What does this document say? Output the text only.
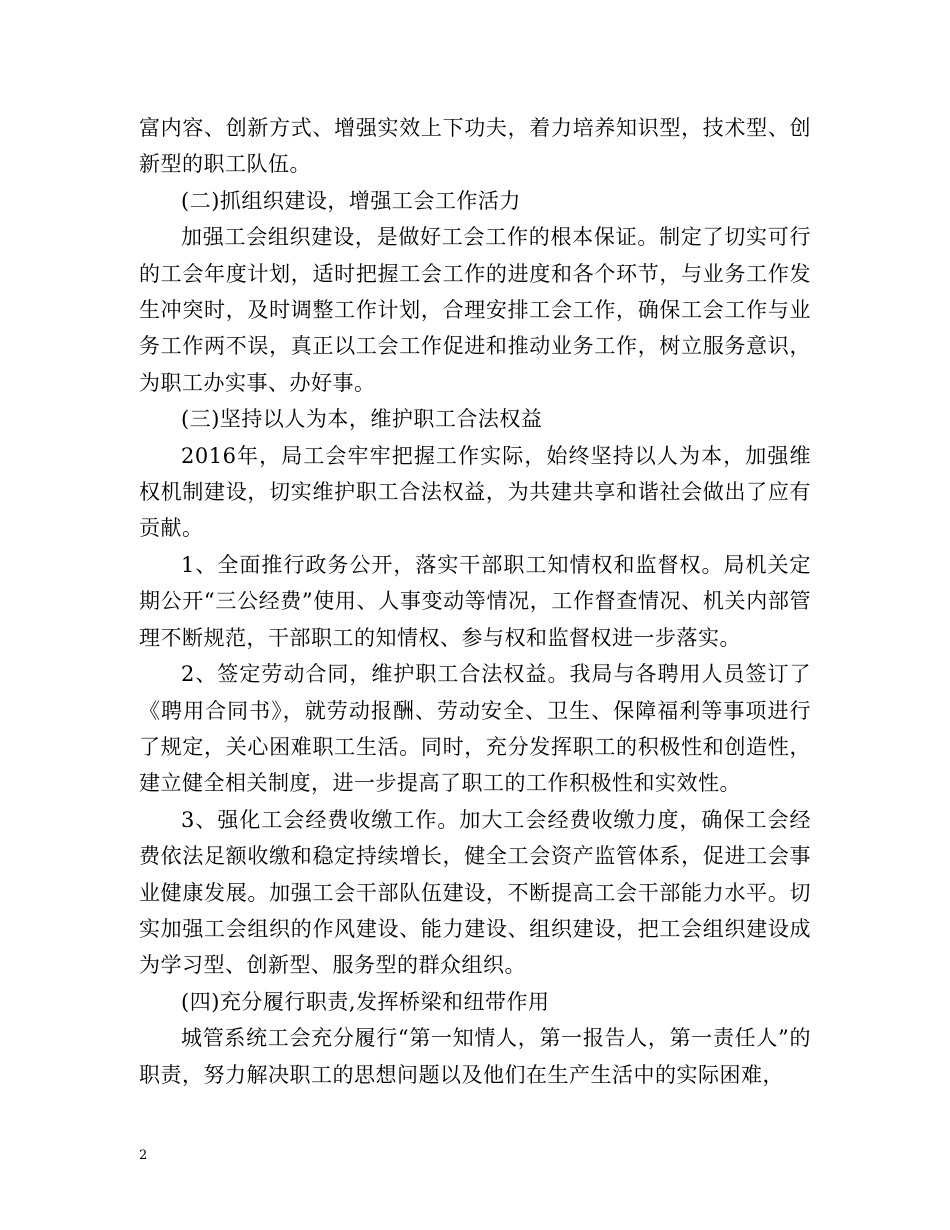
富内容、创新方式、增强实效上下功夫，着力培养知识型，技术型、创新型的职工队伍。

(二)抓组织建设，增强工会工作活力

加强工会组织建设，是做好工会工作的根本保证。制定了切实可行的工会年度计划，适时把握工会工作的进度和各个环节，与业务工作发生冲突时，及时调整工作计划，合理安排工会工作，确保工会工作与业务工作两不误，真正以工会工作促进和推动业务工作，树立服务意识，为职工办实事、办好事。

(三)坚持以人为本，维护职工合法权益

2016年，局工会牢牢把握工作实际，始终坚持以人为本，加强维权机制建设，切实维护职工合法权益，为共建共享和谐社会做出了应有贡献。

1、全面推行政务公开，落实干部职工知情权和监督权。局机关定期公开“三公经费”使用、人事变动等情况，工作督查情况、机关内部管理不断规范，干部职工的知情权、参与权和监督权进一步落实。

2、签定劳动合同，维护职工合法权益。我局与各聘用人员签订了《聘用合同书》，就劳动报酬、劳动安全、卫生、保障福利等事项进行了规定，关心困难职工生活。同时，充分发挥职工的积极性和创造性，建立健全相关制度，进一步提高了职工的工作积极性和实效性。

3、强化工会经费收缴工作。加大工会经费收缴力度，确保工会经费依法足额收缴和稳定持续增长，健全工会资产监管体系，促进工会事业健康发展。加强工会干部队伍建设，不断提高工会干部能力水平。切实加强工会组织的作风建设、能力建设、组织建设，把工会组织建设成为学习型、创新型、服务型的群众组织。

(四)充分履行职责,发挥桥梁和纽带作用

城管系统工会充分履行“第一知情人，第一报告人，第一责任人”的职责，努力解决职工的思想问题以及他们在生产生活中的实际困难，

2
